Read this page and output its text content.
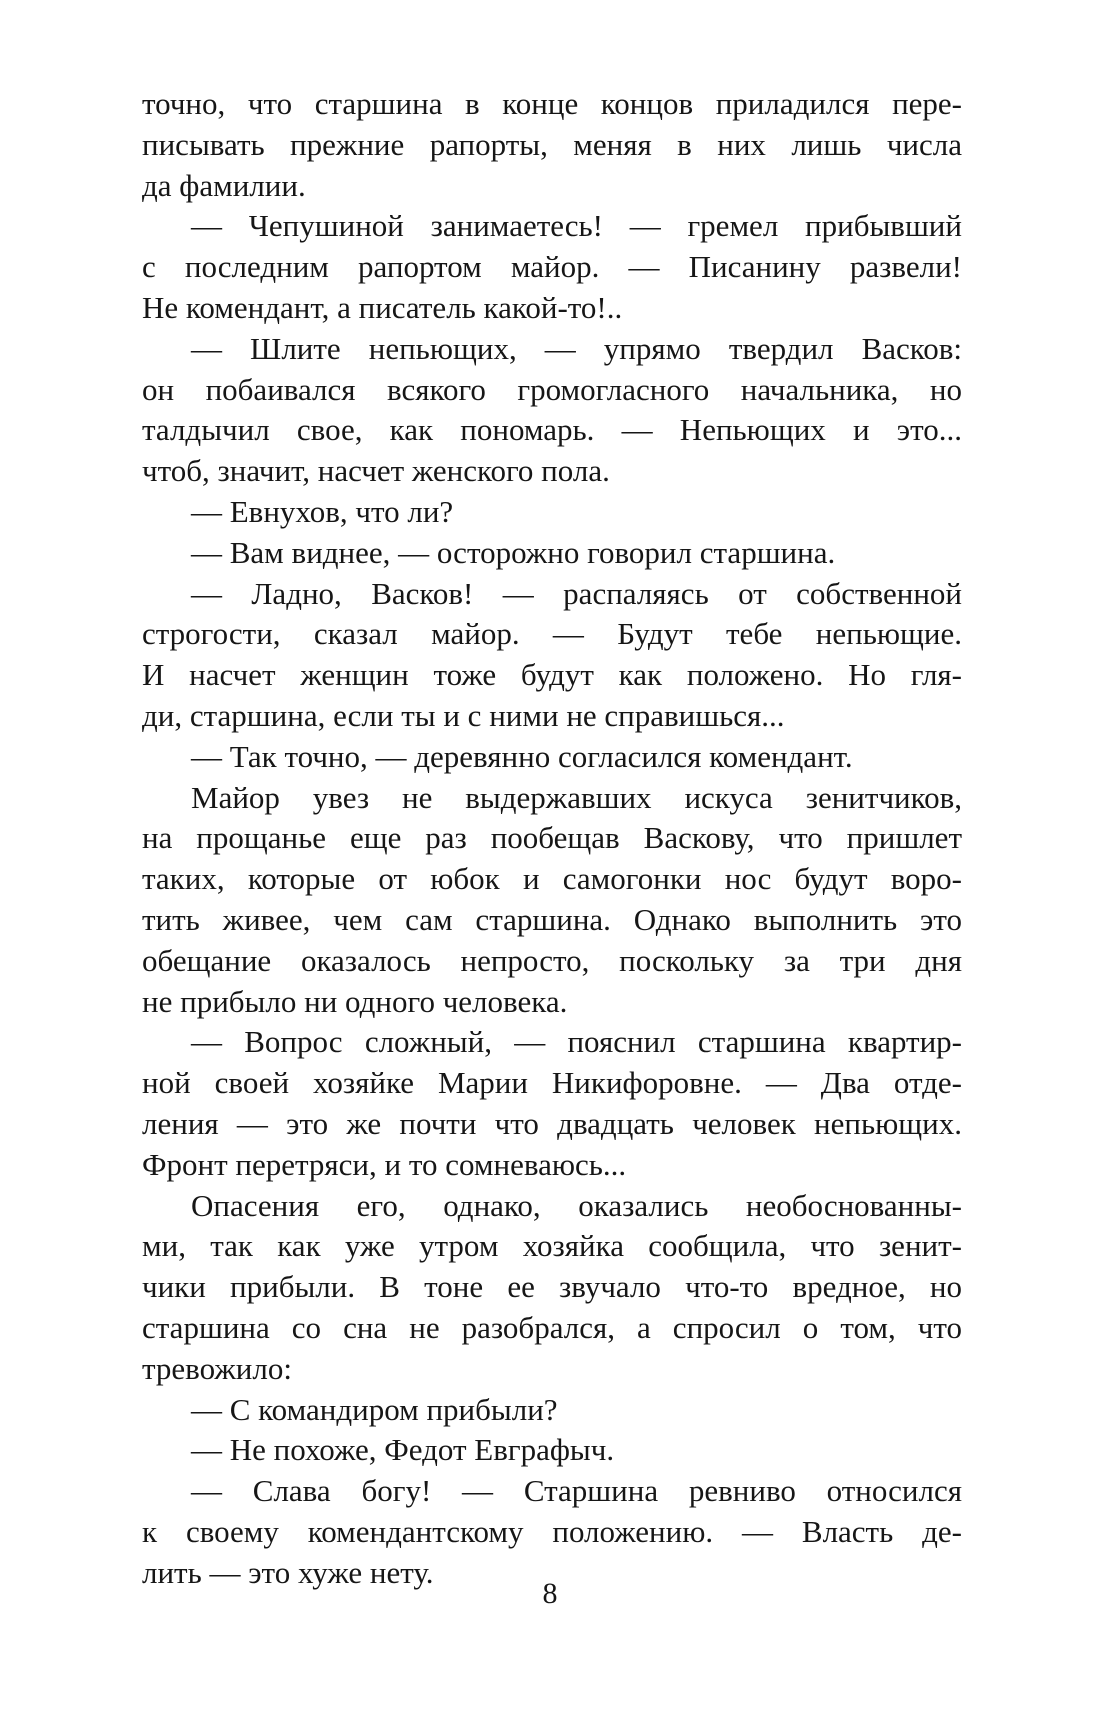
точно, что старшина в конце концов приладился пере-
писывать прежние рапорты, меняя в них лишь числа
да фамилии.
— Чепушиной занимаетесь! — гремел прибывший
с последним рапортом майор. — Писанину развели!
Не комендант, а писатель какой-то!..
— Шлите непьющих, — упрямо твердил Васков:
он побаивался всякого громогласного начальника, но
талдычил свое, как пономарь. — Непьющих и это...
чтоб, значит, насчет женского пола.
— Евнухов, что ли?
— Вам виднее, — осторожно говорил старшина.
— Ладно, Васков! — распаляясь от собственной
строгости, сказал майор. — Будут тебе непьющие.
И насчет женщин тоже будут как положено. Но гля-
ди, старшина, если ты и с ними не справишься...
— Так точно, — деревянно согласился комендант.
Майор увез не выдержавших искуса зенитчиков,
на прощанье еще раз пообещав Васкову, что пришлет
таких, которые от юбок и самогонки нос будут воро-
тить живее, чем сам старшина. Однако выполнить это
обещание оказалось непросто, поскольку за три дня
не прибыло ни одного человека.
— Вопрос сложный, — пояснил старшина квартир-
ной своей хозяйке Марии Никифоровне. — Два отде-
ления — это же почти что двадцать человек непьющих.
Фронт перетряси, и то сомневаюсь...
Опасения его, однако, оказались необоснованны-
ми, так как уже утром хозяйка сообщила, что зенит-
чики прибыли. В тоне ее звучало что-то вредное, но
старшина со сна не разобрался, а спросил о том, что
тревожило:
— С командиром прибыли?
— Не похоже, Федот Евграфыч.
— Слава богу! — Старшина ревниво относился
к своему комендантскому положению. — Власть де-
лить — это хуже нету.
8
